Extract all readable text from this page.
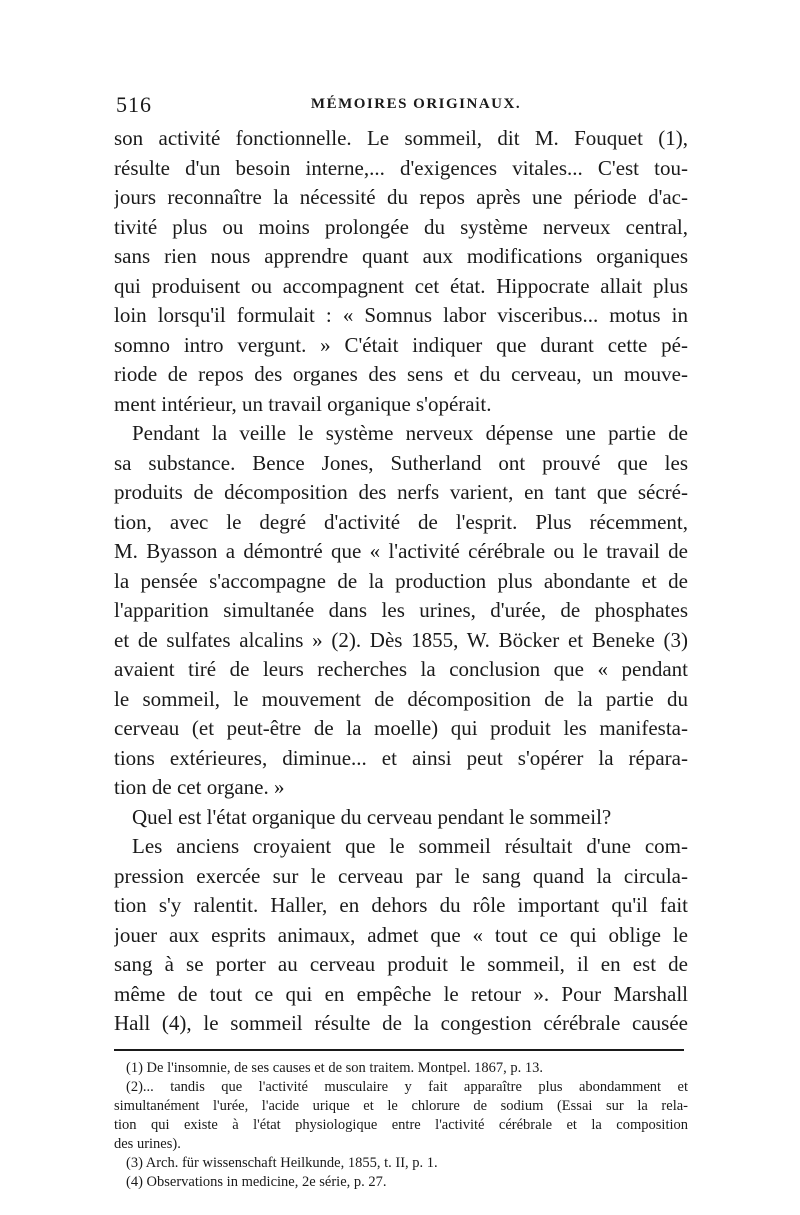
516	MÉMOIRES ORIGINAUX.
son activité fonctionnelle. Le sommeil, dit M. Fouquet (1),
résulte d'un besoin interne,... d'exigences vitales... C'est tou-
jours reconnaître la nécessité du repos après une période d'ac-
tivité plus ou moins prolongée du système nerveux central,
sans rien nous apprendre quant aux modifications organiques
qui produisent ou accompagnent cet état. Hippocrate allait plus
loin lorsqu'il formulait : « Somnus labor visceribus... motus in
somno intro vergunt. » C'était indiquer que durant cette pé-
riode de repos des organes des sens et du cerveau, un mouve-
ment intérieur, un travail organique s'opérait.
Pendant la veille le système nerveux dépense une partie de
sa substance. Bence Jones, Sutherland ont prouvé que les
produits de décomposition des nerfs varient, en tant que sécré-
tion, avec le degré d'activité de l'esprit. Plus récemment,
M. Byasson a démontré que « l'activité cérébrale ou le travail de
la pensée s'accompagne de la production plus abondante et de
l'apparition simultanée dans les urines, d'urée, de phosphates
et de sulfates alcalins » (2). Dès 1855, W. Böcker et Beneke (3)
avaient tiré de leurs recherches la conclusion que « pendant
le sommeil, le mouvement de décomposition de la partie du
cerveau (et peut-être de la moelle) qui produit les manifesta-
tions extérieures, diminue... et ainsi peut s'opérer la répara-
tion de cet organe. »
Quel est l'état organique du cerveau pendant le sommeil?
Les anciens croyaient que le sommeil résultait d'une com-
pression exercée sur le cerveau par le sang quand la circula-
tion s'y ralentit. Haller, en dehors du rôle important qu'il fait
jouer aux esprits animaux, admet que « tout ce qui oblige le
sang à se porter au cerveau produit le sommeil, il en est de
même de tout ce qui en empêche le retour ». Pour Marshall
Hall (4), le sommeil résulte de la congestion cérébrale causée
(1) De l'insomnie, de ses causes et de son traitem. Montpel. 1867, p. 13.
(2)... tandis que l'activité musculaire y fait apparaître plus abondamment et
simultanément l'urée, l'acide urique et le chlorure de sodium (Essai sur la rela-
tion qui existe à l'état physiologique entre l'activité cérébrale et la composition
des urines).
(3) Arch. für wissenschaft Heilkunde, 1855, t. II, p. 1.
(4) Observations in medicine, 2e série, p. 27.
